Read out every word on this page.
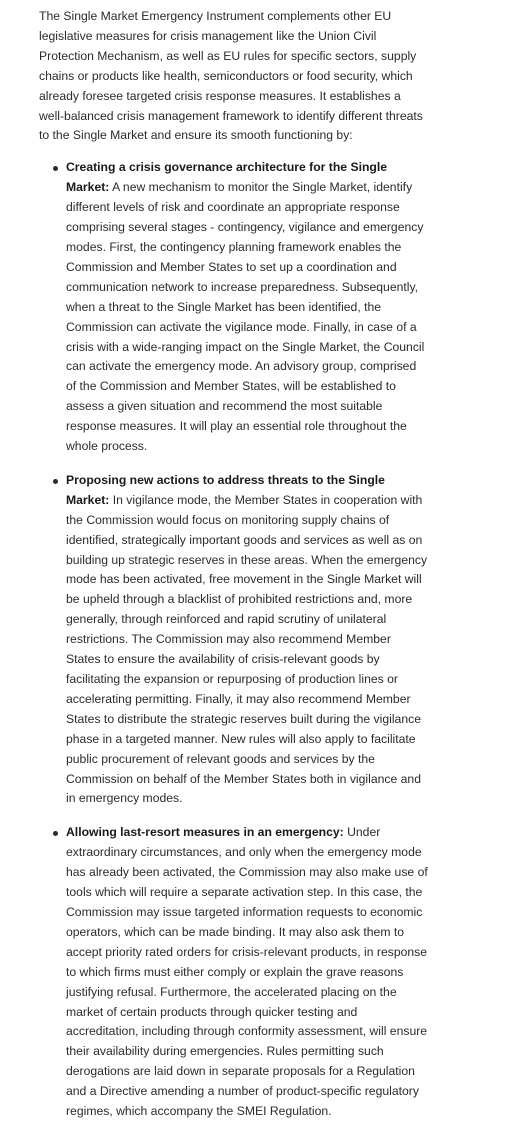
The Single Market Emergency Instrument complements other EU legislative measures for crisis management like the Union Civil Protection Mechanism, as well as EU rules for specific sectors, supply chains or products like health, semiconductors or food security, which already foresee targeted crisis response measures. It establishes a well-balanced crisis management framework to identify different threats to the Single Market and ensure its smooth functioning by:

Creating a crisis governance architecture for the Single Market: A new mechanism to monitor the Single Market, identify different levels of risk and coordinate an appropriate response comprising several stages - contingency, vigilance and emergency modes. First, the contingency planning framework enables the Commission and Member States to set up a coordination and communication network to increase preparedness. Subsequently, when a threat to the Single Market has been identified, the Commission can activate the vigilance mode. Finally, in case of a crisis with a wide-ranging impact on the Single Market, the Council can activate the emergency mode. An advisory group, comprised of the Commission and Member States, will be established to assess a given situation and recommend the most suitable response measures. It will play an essential role throughout the whole process.
Proposing new actions to address threats to the Single Market: In vigilance mode, the Member States in cooperation with the Commission would focus on monitoring supply chains of identified, strategically important goods and services as well as on building up strategic reserves in these areas. When the emergency mode has been activated, free movement in the Single Market will be upheld through a blacklist of prohibited restrictions and, more generally, through reinforced and rapid scrutiny of unilateral restrictions. The Commission may also recommend Member States to ensure the availability of crisis-relevant goods by facilitating the expansion or repurposing of production lines or accelerating permitting. Finally, it may also recommend Member States to distribute the strategic reserves built during the vigilance phase in a targeted manner. New rules will also apply to facilitate public procurement of relevant goods and services by the Commission on behalf of the Member States both in vigilance and in emergency modes.
Allowing last-resort measures in an emergency: Under extraordinary circumstances, and only when the emergency mode has already been activated, the Commission may also make use of tools which will require a separate activation step. In this case, the Commission may issue targeted information requests to economic operators, which can be made binding. It may also ask them to accept priority rated orders for crisis-relevant products, in response to which firms must either comply or explain the grave reasons justifying refusal. Furthermore, the accelerated placing on the market of certain products through quicker testing and accreditation, including through conformity assessment, will ensure their availability during emergencies. Rules permitting such derogations are laid down in separate proposals for a Regulation and a Directive amending a number of product-specific regulatory regimes, which accompany the SMEI Regulation.
